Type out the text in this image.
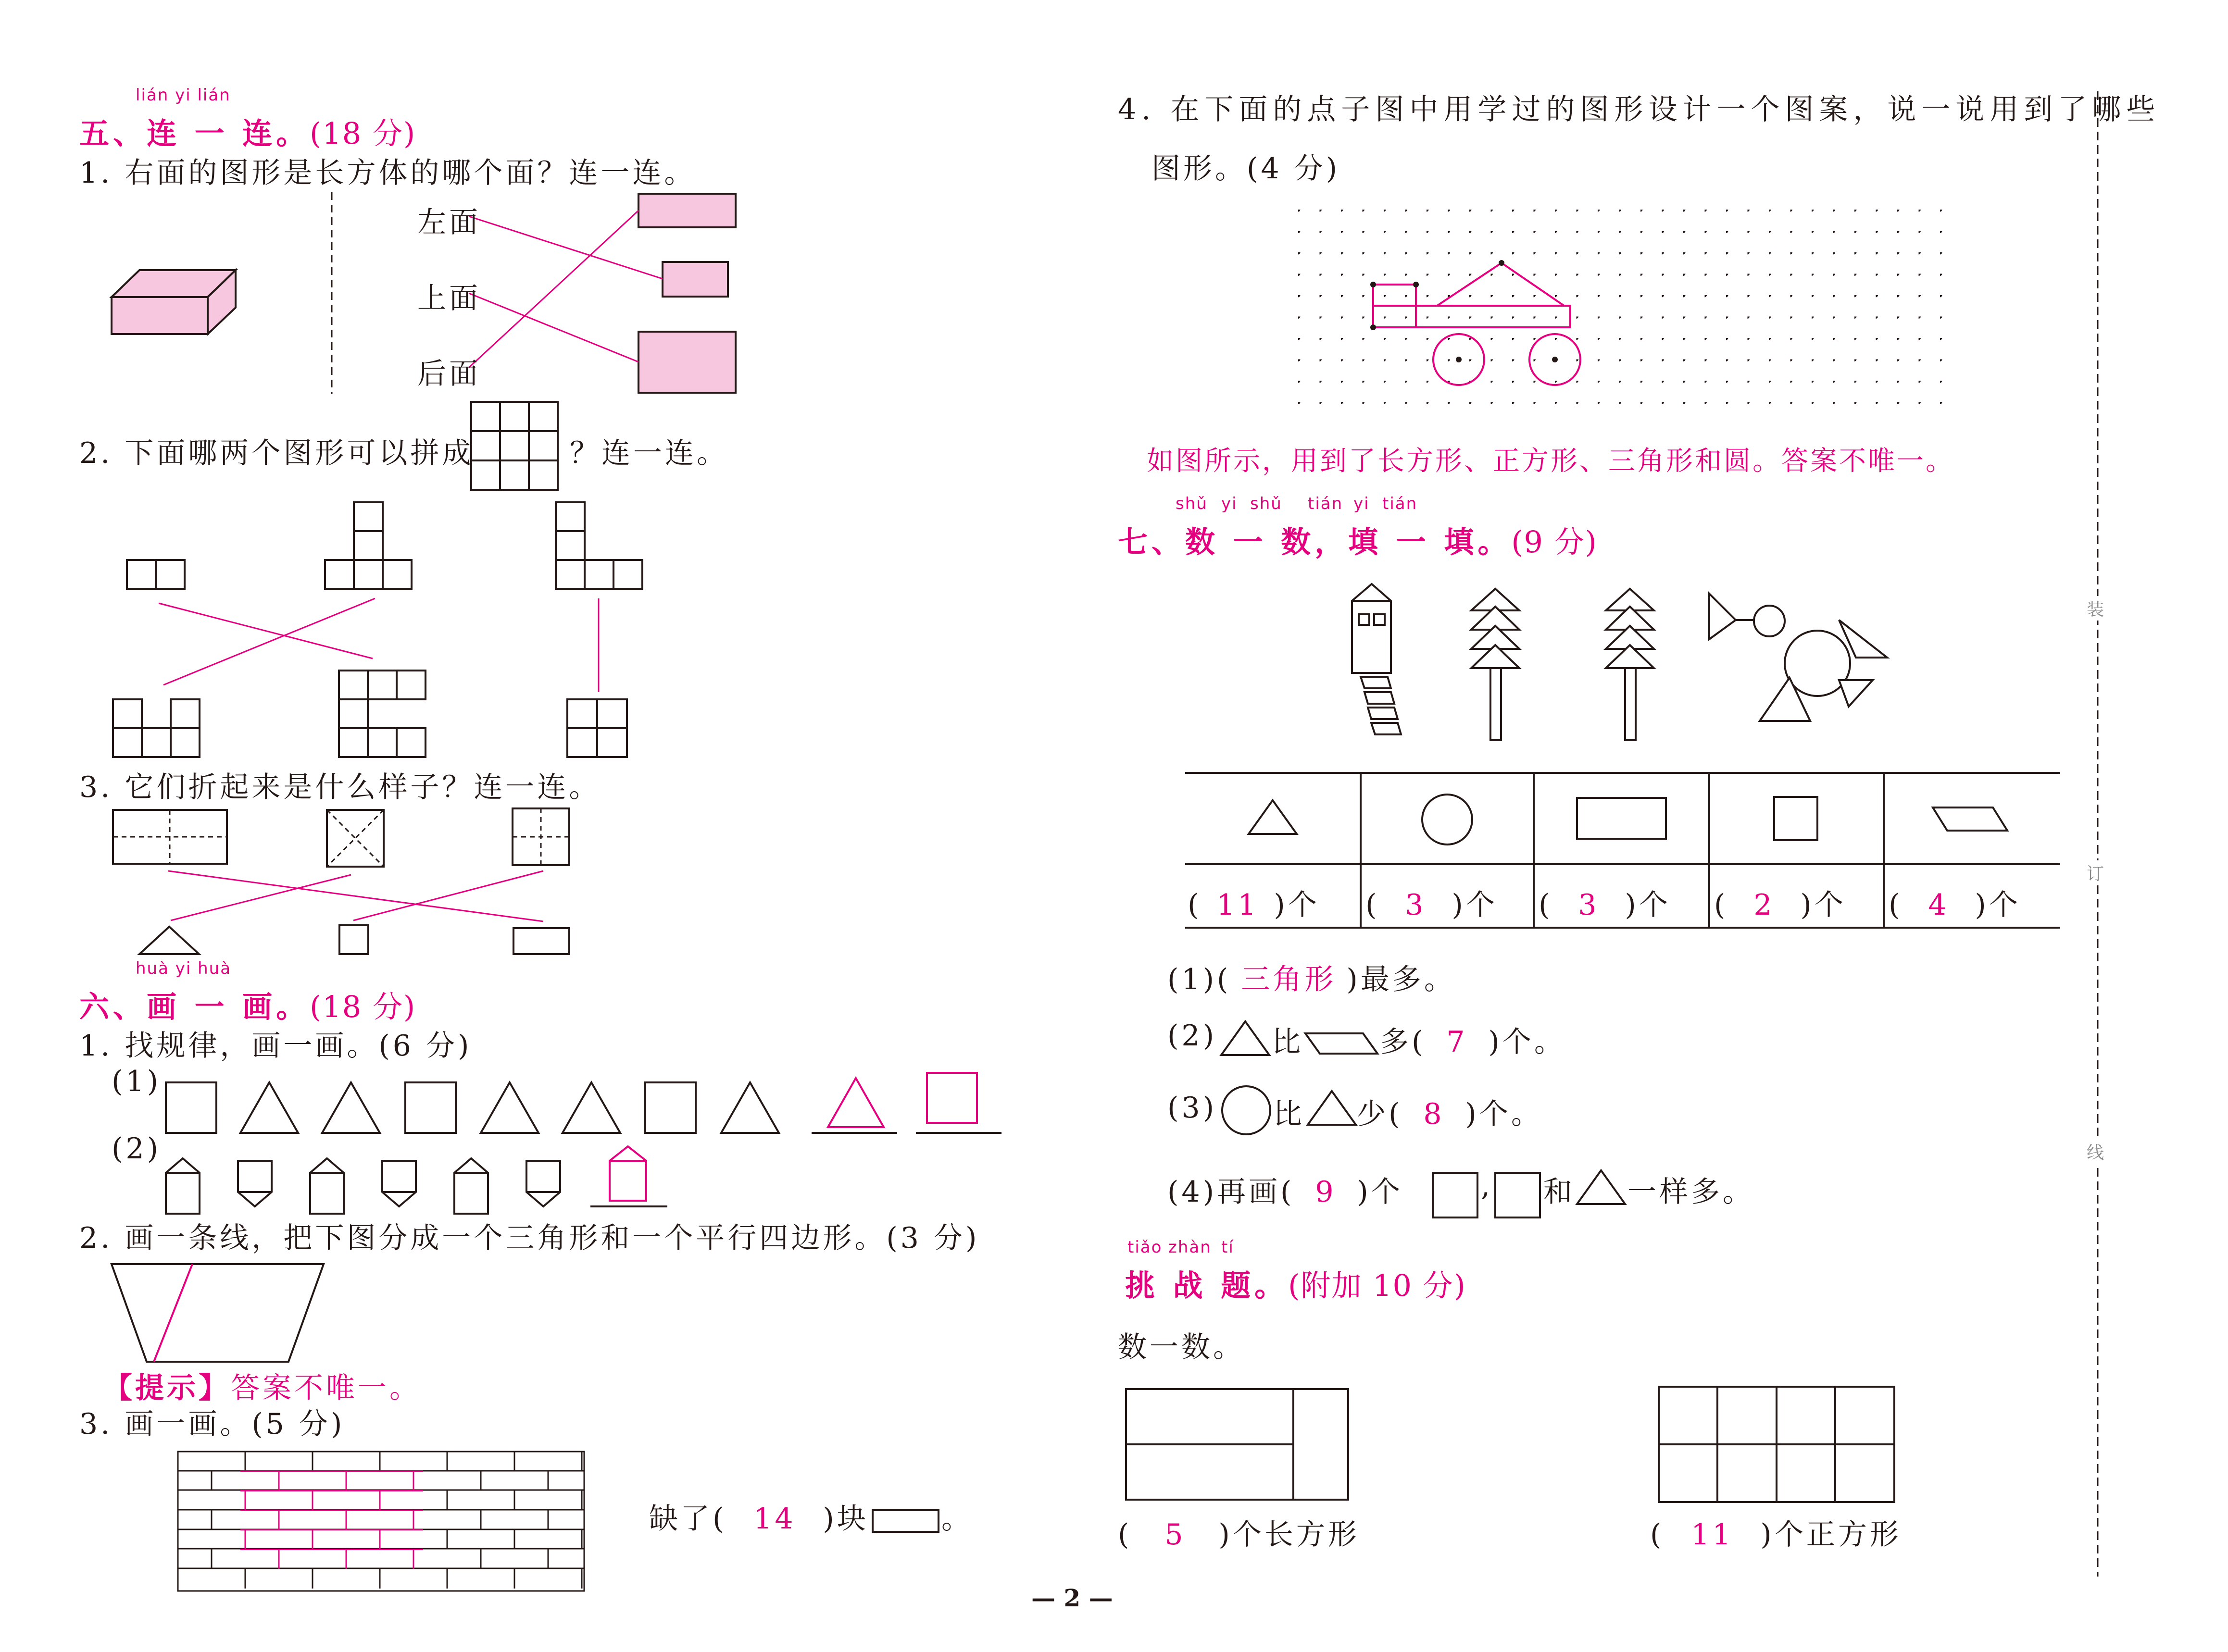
lián yi lián
五、连 一 连。(18 分)
1. 右面的图形是长方体的哪个面？连一连。
左面
上面
后面
2. 下面哪两个图形可以拼成	？连一连。
3. 它们折起来是什么样子？连一连。
huà yi huà
六、画 一 画。(18 分)
1. 找规律，画一画。(6 分)
(1)
(2)
2. 画一条线，把下图分成一个三角形和一个平行四边形。(3 分)
【提示】 答案不唯一。
3. 画一画。(5 分)
缺了( 14 )块	。
4. 在下面的点子图中用学过的图形设计一个图案，说一说用到了哪些
图形。(4 分)
如图所示，用到了长方形、正方形、三角形和圆。答案不唯一。
shǔ yi shǔ tián yi tián
七、数 一 数，填 一 填。(9 分)
( 11 )个	( 3 )个	( 3 )个	( 2 )个	( 4 )个
(1)( 三角形 )最多。
(2) 比	多( 7 )个。
(3) 比 少( 8 )个。
(4)再画( 9 )个	, 和 一样多。
tiǎo zhàn tí
挑 战 题。(附加 10 分)
数一数。
( 5 )个长方形	( 11 )个正方形
装
订
线
— 2 —
